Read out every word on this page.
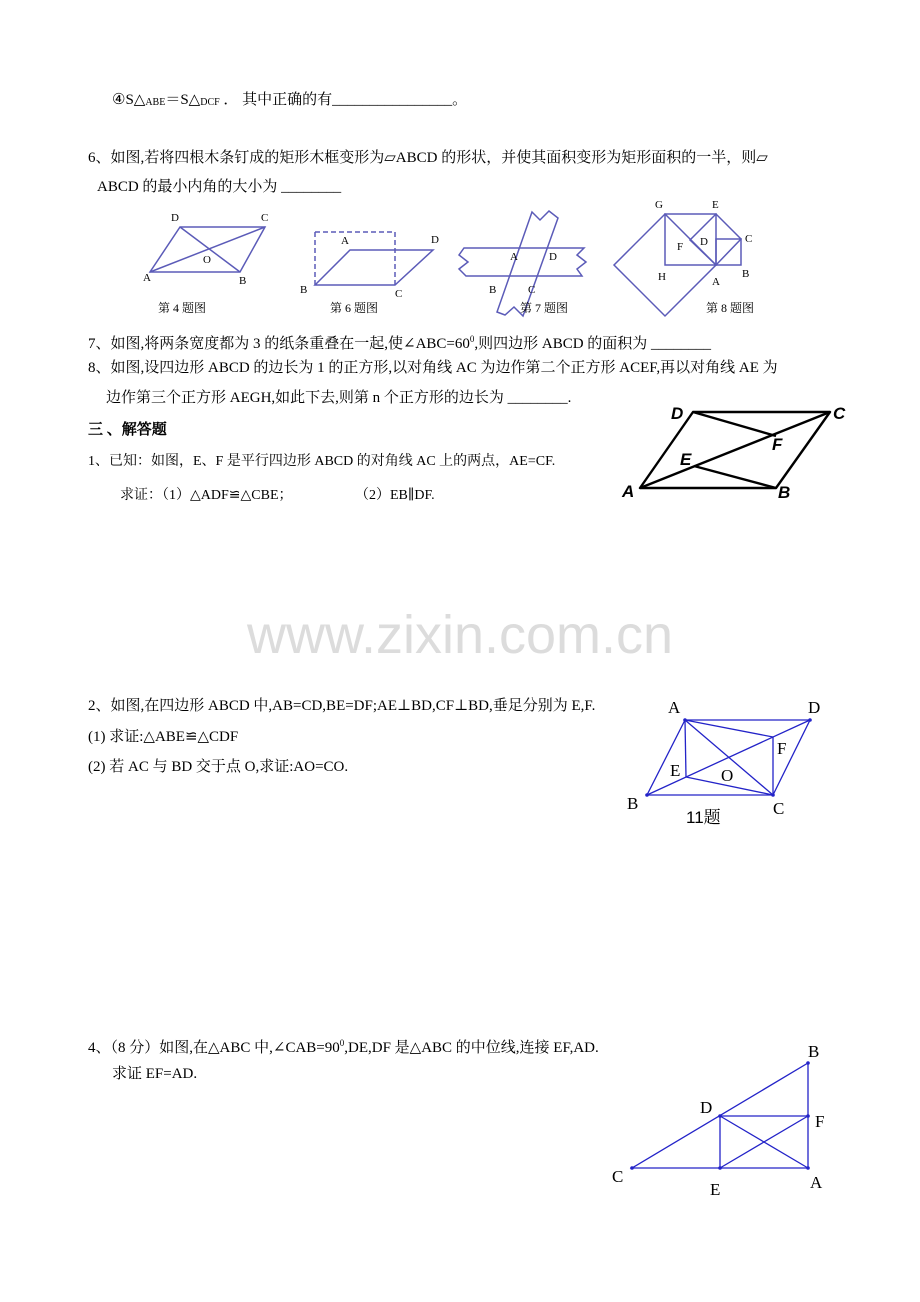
www.zixin.com.cn
D	C
O
A	B
第 4 题图
A	D
B	C
第 6 题图
A	D
B	C
第 7 题图
G	E
F D	C
H	A
B
第 8 题图
D	C
F
E
A	B
A	D
E O
F
B	C
11题
B
D
F
C
E	A
④S△ABE＝S△DCF ． 其中正确的有________________。
6、如图,若将四根木条钉成的矩形木框变形为▱ABCD 的形状，并使其面积变形为矩形面积的一半，则▱
ABCD 的最小内角的大小为 ________
7、如图,将两条宽度都为 3 的纸条重叠在一起,使$\angle ABC=60^0$,则四边形 ABCD 的面积为 ________
8、如图,设四边形 ABCD 的边长为 1 的正方形,以对角线 AC 为边作第二个正方形 ACEF,再以对角线 AE 为
边作第三个正方形 AEGH,如此下去,则第 n 个正方形的边长为 ________.
三 、解答题
1、已知：如图，E、F 是平行四边形 ABCD 的对角线 AC 上的两点，AE=CF.
求证：（1）△ADF≌△CBE；	（2）EB∥DF.
2、如图,在四边形 ABCD 中,AB=CD,BE=DF;AE⊥BD,CF⊥BD,垂足分别为 E,F.
(1) 求证:△ABE≌△CDF
(2) 若 AC 与 BD 交于点 O,求证:AO=CO.
4、（8 分）如图,在△ABC 中$,\angle CAB=90^0,DE,DF$ 是△ABC 的中位线,连接 EF,AD.
求证 EF=AD.
